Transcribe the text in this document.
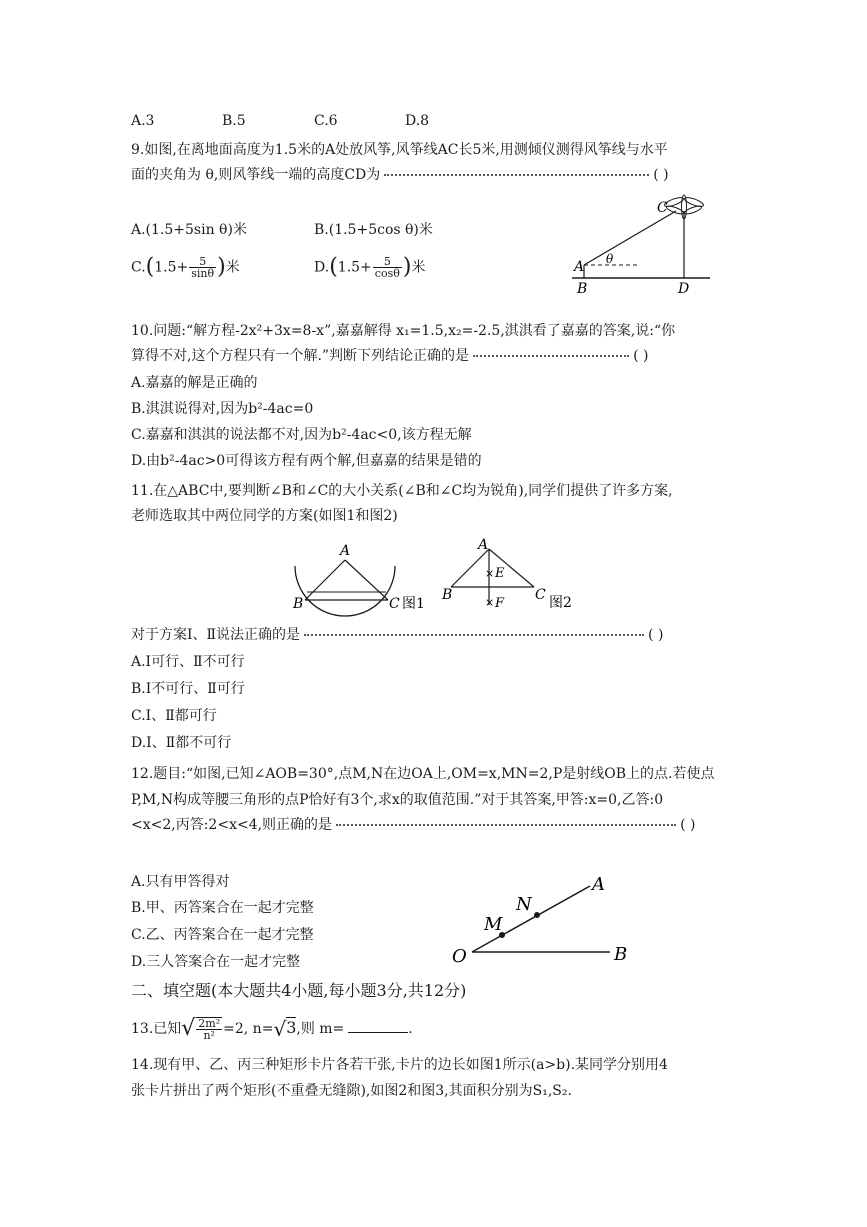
A.3	B.5	C.6	D.8
9.如图,在离地面高度为1.5米的A处放风筝,风筝线AC长5米,用测倾仪测得风筝线与水平
面的夹角为 θ,则风筝线一端的高度CD为	( )
A.(1.5+5sin θ)米	B.(1.5+5cos θ)米
$C.(1.5+ \frac{5}{\sin\theta}$ )米	$D.(1.5+ \frac{5}{\cos\theta}$ )米	A
B	D
C
θ
10.问题:“解方程-2x²+3x=8-x”,嘉嘉解得 x₁=1.5,x₂=-2.5,淇淇看了嘉嘉的答案,说:“你
算得不对,这个方程只有一个解.”判断下列结论正确的是	( )
A.嘉嘉的解是正确的
B.淇淇说得对,因为b²-4ac=0
C.嘉嘉和淇淇的说法都不对,因为b²-4ac<0,该方程无解
D.由b²-4ac>0可得该方程有两个解,但嘉嘉的结果是错的
11.在△ABC中,要判断∠B和∠C的大小关系(∠B和∠C均为锐角),同学们提供了许多方案,
老师选取其中两位同学的方案(如图1和图2)
A
B	C 图1
×
×
A
B	C
E
F	图2
对于方案Ⅰ、Ⅱ说法正确的是	( )
A.Ⅰ可行、Ⅱ不可行
B.Ⅰ不可行、Ⅱ可行
C.Ⅰ、Ⅱ都可行
D.Ⅰ、Ⅱ都不可行
12.题目:“如图,已知∠AOB=30°,点M,N在边OA上,OM=x,MN=2,P是射线OB上的点.若使点
P,M,N构成等腰三角形的点P恰好有3个,求x的取值范围.”对于其答案,甲答:x=0,乙答:0
<x<2,丙答:2<x<4,则正确的是	( )
A.只有甲答得对
B.甲、丙答案合在一起才完整
C.乙、丙答案合在一起才完整
D.三人答案合在一起才完整	O
M
N
A
B
二、填空题(本大题共4小题,每小题3分,共12分)
13.已知√ $\frac{\text{2m²}}{\text{n²}} =2$, n=√3,则 m=	.
14.现有甲、乙、丙三种矩形卡片各若干张,卡片的边长如图1所示(a>b).某同学分别用4
张卡片拼出了两个矩形(不重叠无缝隙),如图2和图3,其面积分别为S₁,S₂.
